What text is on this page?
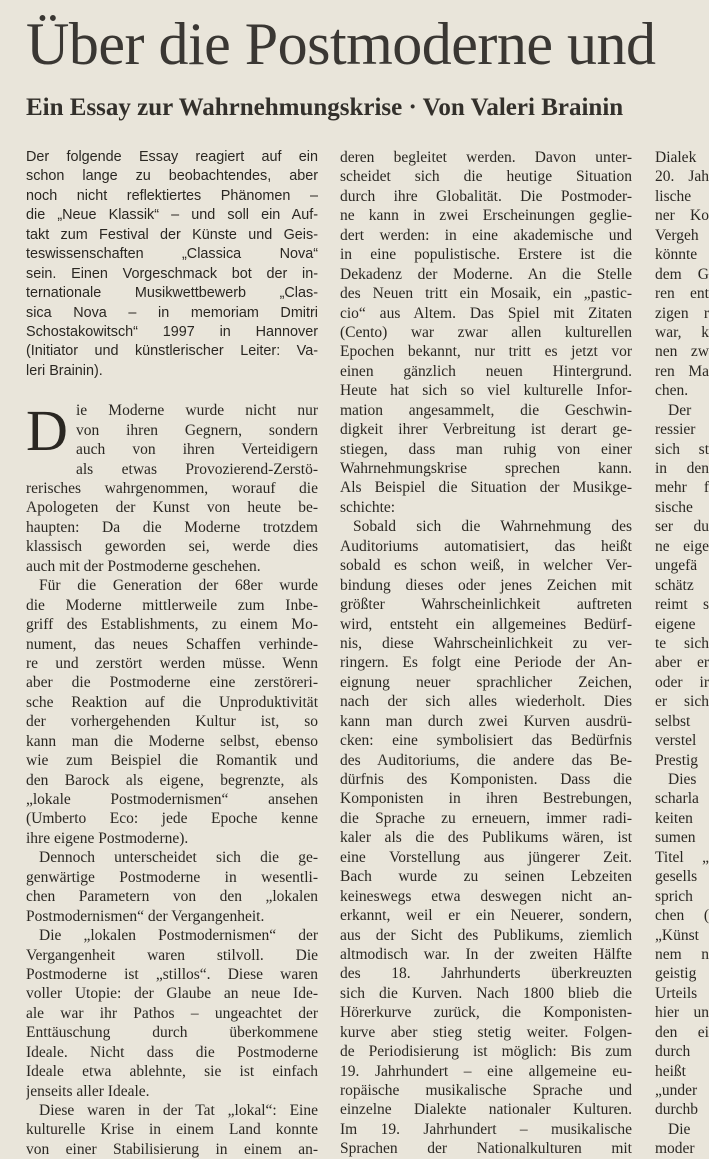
Über die Postmoderne und
Ein Essay zur Wahrnehmungskrise · Von Valeri Brainin
Der folgende Essay reagiert auf ein
schon lange zu beobachtendes, aber
noch nicht reflektiertes Phänomen –
die „Neue Klassik“ – und soll ein Auf-
takt zum Festival der Künste und Geis-
teswissenschaften „Classica Nova“
sein. Einen Vorgeschmack bot der in-
ternationale Musikwettbewerb „Clas-
sica Nova – in memoriam Dmitri
Schostakowitsch“ 1997 in Hannover
(Initiator und künstlerischer Leiter: Va-
leri Brainin).
D ie Moderne wurde nicht nur
von ihren Gegnern, sondern
auch von ihren Verteidigern
als etwas Provozierend-Zerstö-
rerisches wahrgenommen, worauf die
Apologeten der Kunst von heute be-
haupten: Da die Moderne trotzdem
klassisch geworden sei, werde dies
auch mit der Postmoderne geschehen.
Für die Generation der 68er wurde
die Moderne mittlerweile zum Inbe-
griff des Establishments, zu einem Mo-
nument, das neues Schaffen verhinde-
re und zerstört werden müsse. Wenn
aber die Postmoderne eine zerstöreri-
sche Reaktion auf die Unproduktivität
der vorhergehenden Kultur ist, so
kann man die Moderne selbst, ebenso
wie zum Beispiel die Romantik und
den Barock als eigene, begrenzte, als
„lokale Postmodernismen“ ansehen
(Umberto Eco: jede Epoche kenne
ihre eigene Postmoderne).
Dennoch unterscheidet sich die ge-
genwärtige Postmoderne in wesentli-
chen Parametern von den „lokalen
Postmodernismen“ der Vergangenheit.
Die „lokalen Postmodernismen“ der
Vergangenheit waren stilvoll. Die
Postmoderne ist „stillos“. Diese waren
voller Utopie: der Glaube an neue Ide-
ale war ihr Pathos – ungeachtet der
Enttäuschung durch überkommene
Ideale. Nicht dass die Postmoderne
Ideale etwa ablehnte, sie ist einfach
jenseits aller Ideale.
Diese waren in der Tat „lokal“: Eine
kulturelle Krise in einem Land konnte
von einer Stabilisierung in einem an-
deren begleitet werden. Davon unter-
scheidet sich die heutige Situation
durch ihre Globalität. Die Postmoder-
ne kann in zwei Erscheinungen geglie-
dert werden: in eine akademische und
in eine populistische. Erstere ist die
Dekadenz der Moderne. An die Stelle
des Neuen tritt ein Mosaik, ein „pastic-
cio“ aus Altem. Das Spiel mit Zitaten
(Cento) war zwar allen kulturellen
Epochen bekannt, nur tritt es jetzt vor
einen gänzlich neuen Hintergrund.
Heute hat sich so viel kulturelle Infor-
mation angesammelt, die Geschwin-
digkeit ihrer Verbreitung ist derart ge-
stiegen, dass man ruhig von einer
Wahrnehmungskrise sprechen kann.
Als Beispiel die Situation der Musikge-
schichte:
Sobald sich die Wahrnehmung des
Auditoriums automatisiert, das heißt
sobald es schon weiß, in welcher Ver-
bindung dieses oder jenes Zeichen mit
größter Wahrscheinlichkeit auftreten
wird, entsteht ein allgemeines Bedürf-
nis, diese Wahrscheinlichkeit zu ver-
ringern. Es folgt eine Periode der An-
eignung neuer sprachlicher Zeichen,
nach der sich alles wiederholt. Dies
kann man durch zwei Kurven ausdrü-
cken: eine symbolisiert das Bedürfnis
des Auditoriums, die andere das Be-
dürfnis des Komponisten. Dass die
Komponisten in ihren Bestrebungen,
die Sprache zu erneuern, immer radi-
kaler als die des Publikums wären, ist
eine Vorstellung aus jüngerer Zeit.
Bach wurde zu seinen Lebzeiten
keineswegs etwa deswegen nicht an-
erkannt, weil er ein Neuerer, sondern,
aus der Sicht des Publikums, ziemlich
altmodisch war. In der zweiten Hälfte
des 18. Jahrhunderts überkreuzten
sich die Kurven. Nach 1800 blieb die
Hörerkurve zurück, die Komponisten-
kurve aber stieg stetig weiter. Folgen-
de Periodisierung ist möglich: Bis zum
19. Jahrhundert – eine allgemeine eu-
ropäische musikalische Sprache und
einzelne Dialekte nationaler Kulturen.
Im 19. Jahrhundert – musikalische
Sprachen der Nationalkulturen mit
Dialek
20. Jah
lische
ner Ko
Vergeh
könnte
dem G
ren ent
zigen r
war, k
nen zw
ren Ma
chen.
Der
ressier
sich st
in den
mehr f
sische
ser du
ne eige
ungefä
schätz
reimt s
eigene
te sich
aber er
oder ir
er sich
selbst
verstel
Prestig
Dies
scharla
keiten
sumen
Titel „
gesells
sprich
chen (
„Künst
nem n
geistig
Urteils
hier un
den ei
durch
heißt
„under
durchb
Die
moder
